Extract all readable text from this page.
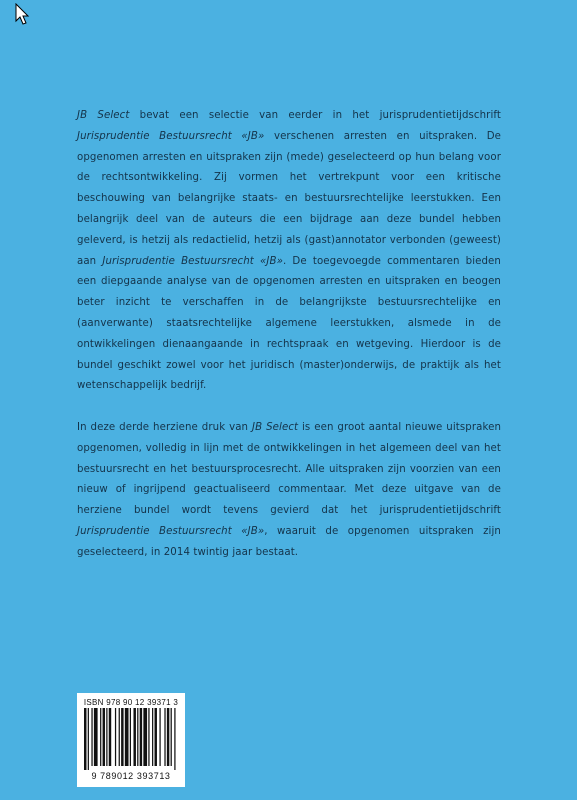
JB Select bevat een selectie van eerder in het jurisprudentietijdschrift Jurisprudentie Bestuursrecht «JB» verschenen arresten en uitspraken. De opgenomen arresten en uitspraken zijn (mede) geselecteerd op hun belang voor de rechtsontwikkeling. Zij vormen het vertrekpunt voor een kritische beschouwing van belangrijke staats- en bestuursrechtelijke leerstukken. Een belangrijk deel van de auteurs die een bijdrage aan deze bundel hebben geleverd, is hetzij als redactielid, hetzij als (gast)annotator verbonden (geweest) aan Jurisprudentie Bestuursrecht «JB». De toegevoegde commentaren bieden een diepgaande analyse van de opgenomen arresten en uitspraken en beogen beter inzicht te verschaffen in de belangrijkste bestuursrechtelijke en (aanverwante) staatsrechtelijke algemene leerstukken, alsmede in de ontwikkelingen dienaangaande in rechtspraak en wetgeving. Hierdoor is de bundel geschikt zowel voor het juridisch (master)onderwijs, de praktijk als het wetenschappelijk bedrijf.
In deze derde herziene druk van JB Select is een groot aantal nieuwe uitspraken opgenomen, volledig in lijn met de ontwikkelingen in het algemeen deel van het bestuursrecht en het bestuursprocesrecht. Alle uitspraken zijn voorzien van een nieuw of ingrijpend geactualiseerd commentaar. Met deze uitgave van de herziene bundel wordt tevens gevierd dat het jurisprudentietijdschrift Jurisprudentie Bestuursrecht «JB», waaruit de opgenomen uitspraken zijn geselecteerd, in 2014 twintig jaar bestaat.
ISBN 978 90 12 39371 3
9 789012 393713
